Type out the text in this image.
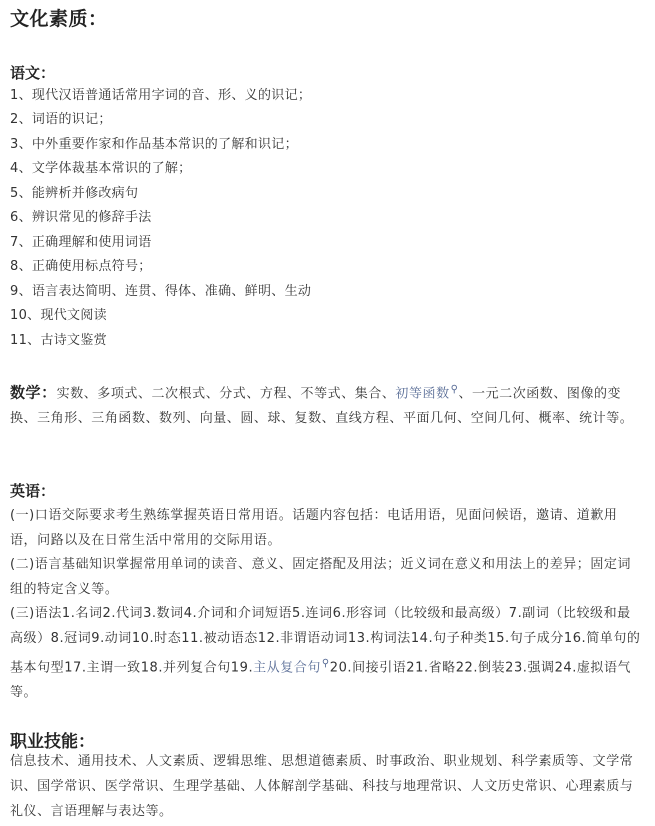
文化素质：
语文：
1、现代汉语普通话常用字词的音、形、义的识记；
2、词语的识记；
3、中外重要作家和作品基本常识的了解和识记；
4、文学体裁基本常识的了解；
5、能辨析并修改病句
6、辨识常见的修辞手法
7、正确理解和使用词语
8、正确使用标点符号；
9、语言表达简明、连贯、得体、准确、鲜明、生动
10、现代文阅读
11、古诗文鉴赏
数学：实数、多项式、二次根式、分式、方程、不等式、集合、初等函数⚲、一元二次函数、图像的变换、三角形、三角函数、数列、向量、圆、球、复数、直线方程、平面几何、空间几何、概率、统计等。
英语：
(一)口语交际要求考生熟练掌握英语日常用语。话题内容包括：电话用语，见面问候语，邀请、道歉用语，问路以及在日常生活中常用的交际用语。
(二)语言基础知识掌握常用单词的读音、意义、固定搭配及用法；近义词在意义和用法上的差异；固定词组的特定含义等。
(三)语法1.名词2.代词3.数词4.介词和介词短语5.连词6.形容词（比较级和最高级）7.副词（比较级和最高级）8.冠词9.动词10.时态11.被动语态12.非谓语动词13.构词法14.句子种类15.句子成分16.简单句的基本句型17.主谓一致18.并列复合句19.主从复合句⚲20.间接引语21.省略22.倒装23.强调24.虚拟语气等。
职业技能：
信息技术、通用技术、人文素质、逻辑思维、思想道德素质、时事政治、职业规划、科学素质等、文学常识、国学常识、医学常识、生理学基础、人体解剖学基础、科技与地理常识、人文历史常识、心理素质与礼仪、言语理解与表达等。
